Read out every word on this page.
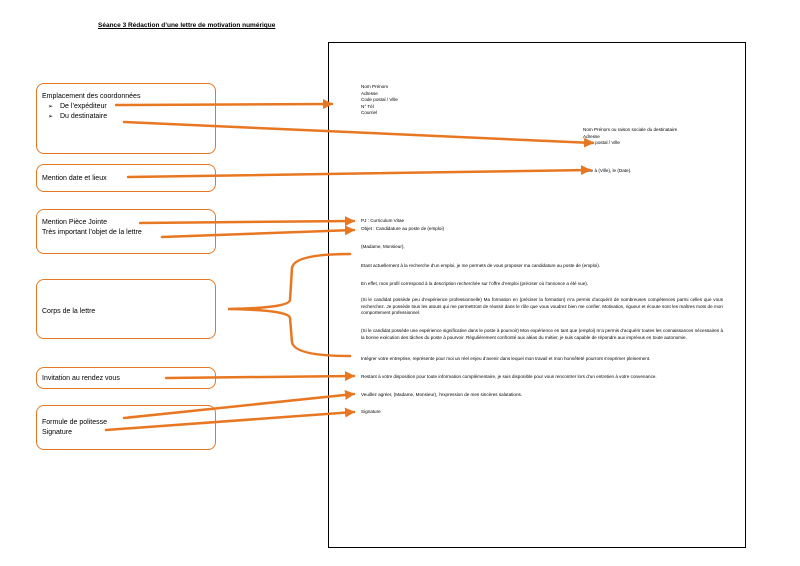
Séance 3 Rédaction d’une lettre de motivation numérique
Nom Prénom
Adresse
Code postal / Ville
N° Tél
Courriel
Nom Prénom ou raison sociale du destinataire
Adresse
Code postal / Ville
Faite à (Ville), le (Date).
PJ : Curriculum Vitae
Objet : Candidature au poste de (emploi)
(Madame, Monsieur),
Etant actuellement à la recherche d’un emploi, je me permets de vous proposer ma candidature au poste de (emploi).
En effet, mon profil correspond à la description recherchée sur l’offre d’emploi (préciser où l’annonce a été vue).
(Si le candidat possède peu d’expérience professionnelle) Ma formation en (préciser la formation) m’a permis d’acquérir de nombreuses compétences parmi celles que vous recherchez. Je possède tous les atouts qui me permettront de réussir dans le rôle que vous voudrez bien me confier. Motivation, rigueur et écoute sont les maîtres mots de mon comportement professionnel.
(Si le candidat possède une expérience significative dans le poste à pourvoir) Mon expérience en tant que (emploi) m’a permis d’acquérir toutes les connaissances nécessaires à la bonne exécution des tâches du poste à pourvoir. Régulièrement confronté aux aléas du métier, je suis capable de répondre aux imprévus en toute autonomie.
Intégrer votre entreprise, représente pour moi un réel enjeu d’avenir dans lequel mon travail et mon honnêteté pourront s’exprimer pleinement.
Restant à votre disposition pour toute information complémentaire, je suis disponible pour vous rencontrer lors d’un entretien à votre convenance.
Veuillez agréer, (Madame, Monsieur), l’expression de mes sincères salutations.
Signature
Emplacement des coordonnées
➢ De l’expéditeur
➢ Du destinataire
Mention date et lieux
Mention Pièce Jointe
Très important l’objet de la lettre
Corps de la lettre
Invitation au rendez vous
Formule de politesse
Signature
